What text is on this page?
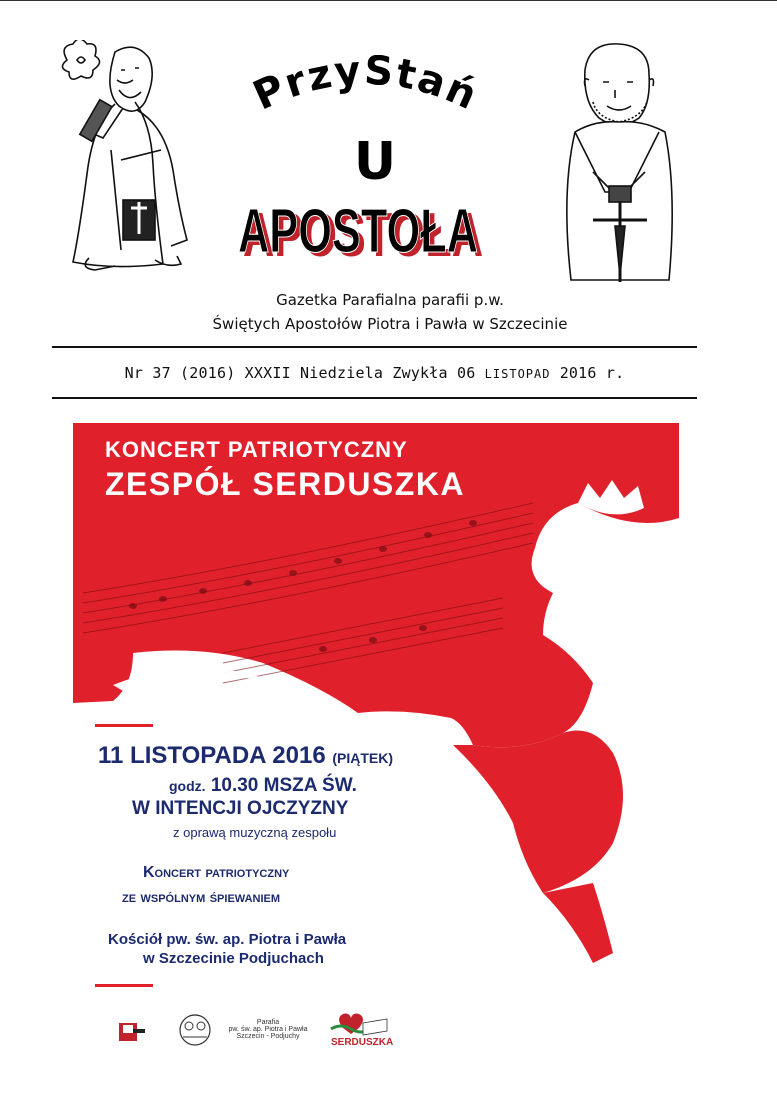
PrzyStań
U
APOSTOŁA
APOSTOŁA
Gazetka Parafialna parafii p.w.
Świętych Apostołów Piotra i Pawła w Szczecinie
Nr 37 (2016) XXXII Niedziela Zwykła 06 LISTOPAD 2016 r.
KONCERT PATRIOTYCZNY
ZESPÓŁ SERDUSZKA
11 LISTOPADA 2016 (PIĄTEK)
godz. 10.30 MSZA ŚW.
W INTENCJI OJCZYZNY
z oprawą muzyczną zespołu
Koncert patriotyczny
ze wspólnym śpiewaniem
Kościół pw. św. ap. Piotra i Pawła
w Szczecinie Podjuchach
Parafia
pw. św. ap. Piotra i Pawła
Szczecin - Podjuchy
SERDUSZKA
